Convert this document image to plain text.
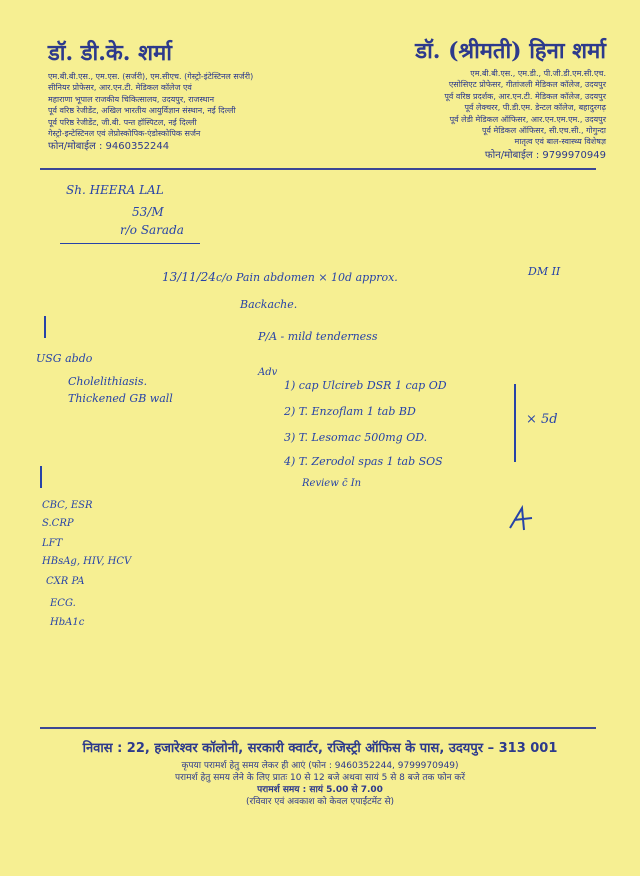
डॉ. डी.के. शर्मा
एम.बी.बी.एस., एम.एस. (सर्जरी), एम.सीएच. (गेस्ट्रो-इंटेस्टिनल सर्जरी)
सीनियर प्रोफेसर, आर.एन.टी. मेडिकल कॉलेज एवं
महाराणा भूपाल राजकीय चिकित्सालय, उदयपुर, राजस्थान
पूर्व वरिष्ठ रेजीडेंट, अखिल भारतीय आयुर्विज्ञान संस्थान, नई दिल्ली
पूर्व परिष्ठ रेजीडेंट, जी.बी. पन्त हॉस्पिटल, नई दिल्ली
गेस्ट्रो-इन्टेस्टिनल एवं लेप्रोस्कोपिक-एंडोस्कोपिक सर्जन
फोन/मोबाईल : 9460352244
डॉ. (श्रीमती) हिना शर्मा
एम.बी.बी.एस., एम.डी., पी.जी.डी.एम.सी.एच.
एसोसिएट प्रोफेसर, गीतांजली मेडिकल कॉलेज, उदयपुर
पूर्व वरिष्ठ प्रदर्शक, आर.एन.टी. मेडिकल कॉलेज, उदयपुर
पूर्व लेक्चरर, पी.डी.एम. डेन्टल कॉलेज, बहादुरगढ़
पूर्व लेडी मेडिकल ऑफिसर, आर.एन.एम.एम., उदयपुर
पूर्व मेडिकल ऑफिसर, सी.एच.सी., गोगुन्दा
मातृत्व एवं बाल-स्वास्थ्य विशेषज्ञ
फोन/मोबाईल : 9799970949
Sh. HEERA LAL
53/M
r/o Sarada
13/11/24 c/o Pain abdomen × 10d approx.	DM II
Backache.
P/A - mild tenderness
USG abdo
Cholelithiasis.
Thickened GB wall
Adv
1) cap Ulcireb DSR 1 cap OD
2) T. Enzoflam 1 tab BD
3) T. Lesomac 500mg OD.
4) T. Zerodol spas 1 tab SOS
Review c̄ In
× 5d
CBC, ESR
S.CRP
LFT
HBsAg, HIV, HCV
CXR PA
ECG.
HbA1c
निवास : 22, हजारेश्वर कॉलोनी, सरकारी क्वार्टर, रजिस्ट्री ऑफिस के पास, उदयपुर – 313 001
कृपया परामर्श हेतु समय लेकर ही आएं (फोन : 9460352244, 9799970949)
परामर्श हेतु समय लेने के लिए प्रातः 10 से 12 बजे अथवा सायं 5 से 8 बजे तक फोन करें
परामर्श समय : सायं 5.00 से 7.00
(रविवार एवं अवकाश को केवल एपाईंटमेंट से)
